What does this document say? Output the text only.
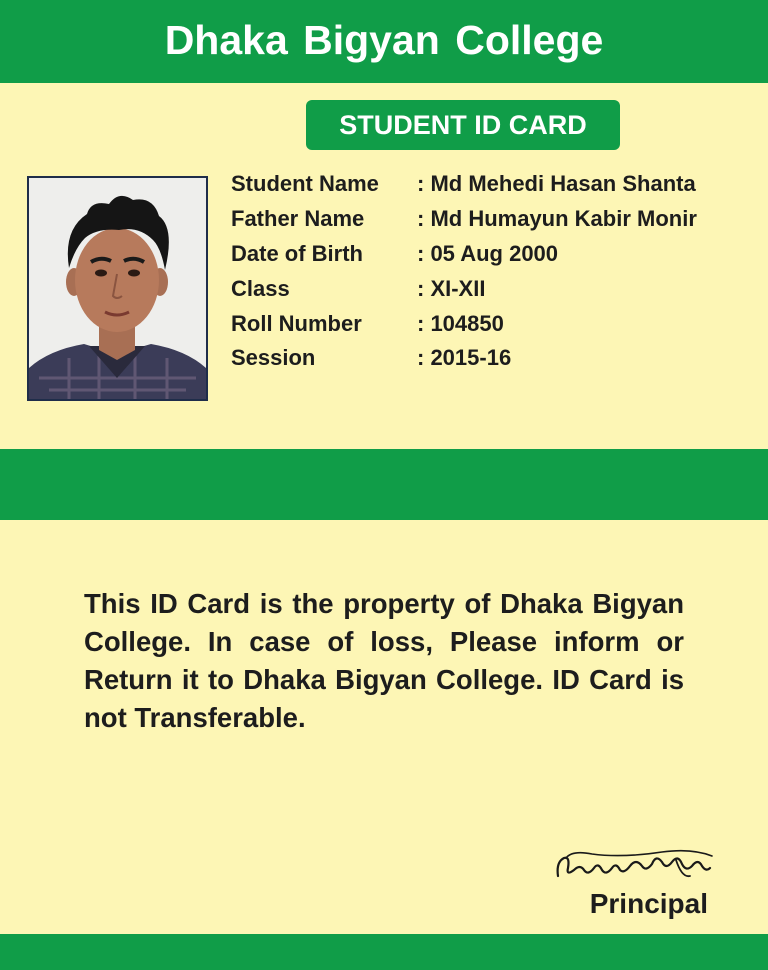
Dhaka Bigyan College
STUDENT ID CARD
Student Name	: Md Mehedi Hasan Shanta
Father Name	: Md Humayun Kabir Monir
Date of Birth	: 05 Aug 2000
Class	: XI-XII
Roll Number	: 104850
Session	: 2015-16
This ID Card is the property of Dhaka Bigyan College. In case of loss, Please inform or Return it to Dhaka Bigyan College. ID Card is not Transferable.
Principal
